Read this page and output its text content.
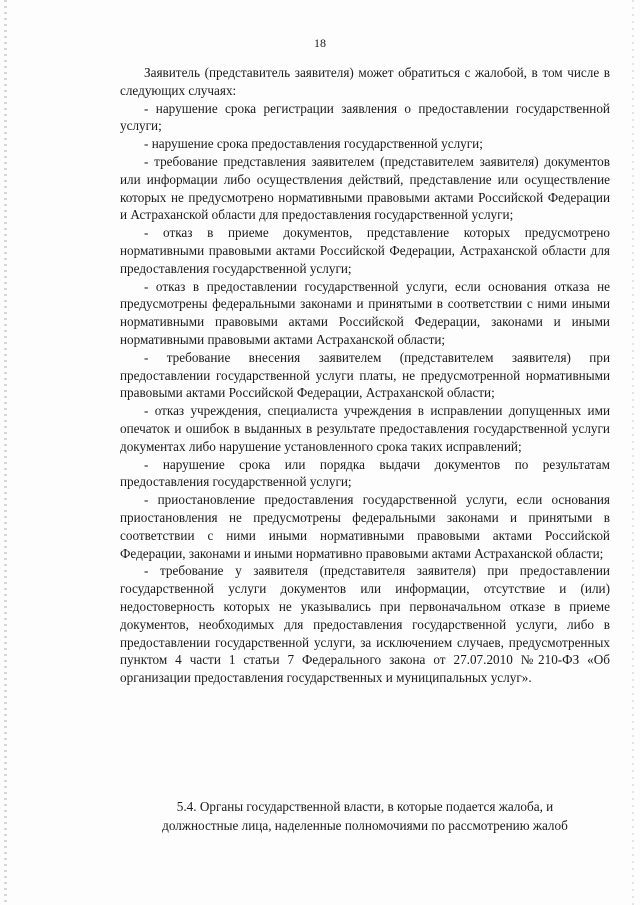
18

Заявитель (представитель заявителя) может обратиться с жалобой, в том числе в следующих случаях:

- нарушение срока регистрации заявления о предоставлении государственной услуги;

- нарушение срока предоставления государственной услуги;

- требование представления заявителем (представителем заявителя) документов или информации либо осуществления действий, представление или осуществление которых не предусмотрено нормативными правовыми актами Российской Федерации и Астраханской области для предоставления государственной услуги;

- отказ в приеме документов, представление которых предусмотрено нормативными правовыми актами Российской Федерации, Астраханской области для предоставления государственной услуги;

- отказ в предоставлении государственной услуги, если основания отказа не предусмотрены федеральными законами и принятыми в соответствии с ними иными нормативными правовыми актами Российской Федерации, законами и иными нормативными правовыми актами Астраханской области;

- требование внесения заявителем (представителем заявителя) при предоставлении государственной услуги платы, не предусмотренной нормативными правовыми актами Российской Федерации, Астраханской области;

- отказ учреждения, специалиста учреждения в исправлении допущенных ими опечаток и ошибок в выданных в результате предоставления государственной услуги документах либо нарушение установленного срока таких исправлений;

- нарушение срока или порядка выдачи документов по результатам предоставления государственной услуги;

- приостановление предоставления государственной услуги, если основания приостановления не предусмотрены федеральными законами и принятыми в соответствии с ними иными нормативными правовыми актами Российской Федерации, законами и иными нормативно правовыми актами Астраханской области;

- требование у заявителя (представителя заявителя) при предоставлении государственной услуги документов или информации, отсутствие и (или) недостоверность которых не указывались при первоначальном отказе в приеме документов, необходимых для предоставления государственной услуги, либо в предоставлении государственной услуги, за исключением случаев, предусмотренных пунктом 4 части 1 статьи 7 Федерального закона от 27.07.2010 №210-ФЗ «Об организации предоставления государственных и муниципальных услуг».

5.4. Органы государственной власти, в которые подается жалоба, и
должностные лица, наделенные полномочиями по рассмотрению жалоб
